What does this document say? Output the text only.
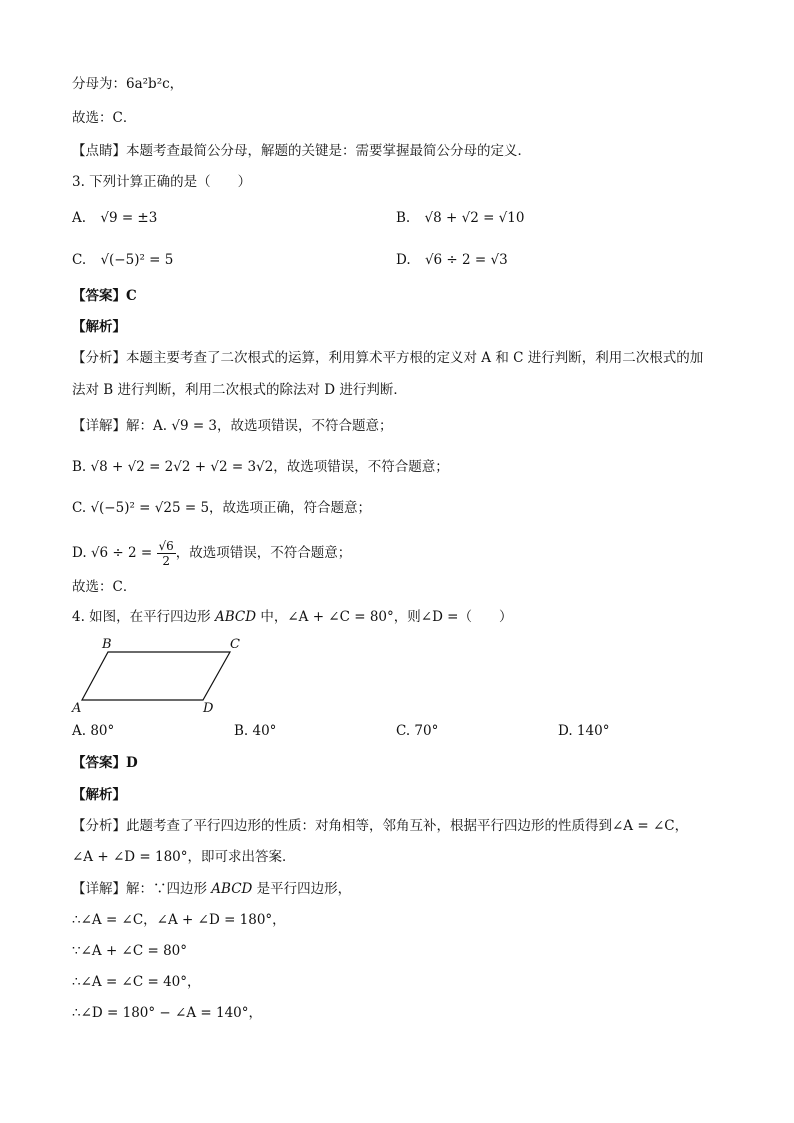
分母为：6a²b²c，
故选：C．
【点睛】本题考查最简公分母，解题的关键是：需要掌握最简公分母的定义．
3. 下列计算正确的是（　　）
A. √9 = ±3	B. √8 + √2 = √10
C. √(−5)² = 5	D. √6 ÷ 2 = √3
【答案】C
【解析】
【分析】本题主要考查了二次根式的运算，利用算术平方根的定义对 A 和 C 进行判断，利用二次根式的加
法对 B 进行判断，利用二次根式的除法对 D 进行判断．
【详解】解：A. √9 = 3，故选项错误，不符合题意；
B. √8 + √2 = 2√2 + √2 = 3√2，故选项错误，不符合题意；
C. √(−5)² = √25 = 5，故选项正确，符合题意；
D. $√6 \div 2 = \frac{√6}{2}$ ，故选项错误，不符合题意；
故选：C．
4. 如图，在平行四边形 ABCD 中，∠A + ∠C = 80°，则∠D =（　　）
B	C
A	D
A. 80°	B. 40°	C. 70°	D. 140°
【答案】D
【解析】
【分析】此题考查了平行四边形的性质：对角相等，邻角互补，根据平行四边形的性质得到∠A = ∠C，
∠A + ∠D = 180°，即可求出答案．
【详解】解：∵四边形 ABCD 是平行四边形，
∴∠A = ∠C，∠A + ∠D = 180°，
∵∠A + ∠C = 80°
∴∠A = ∠C = 40°，
∴∠D = 180° − ∠A = 140°，
